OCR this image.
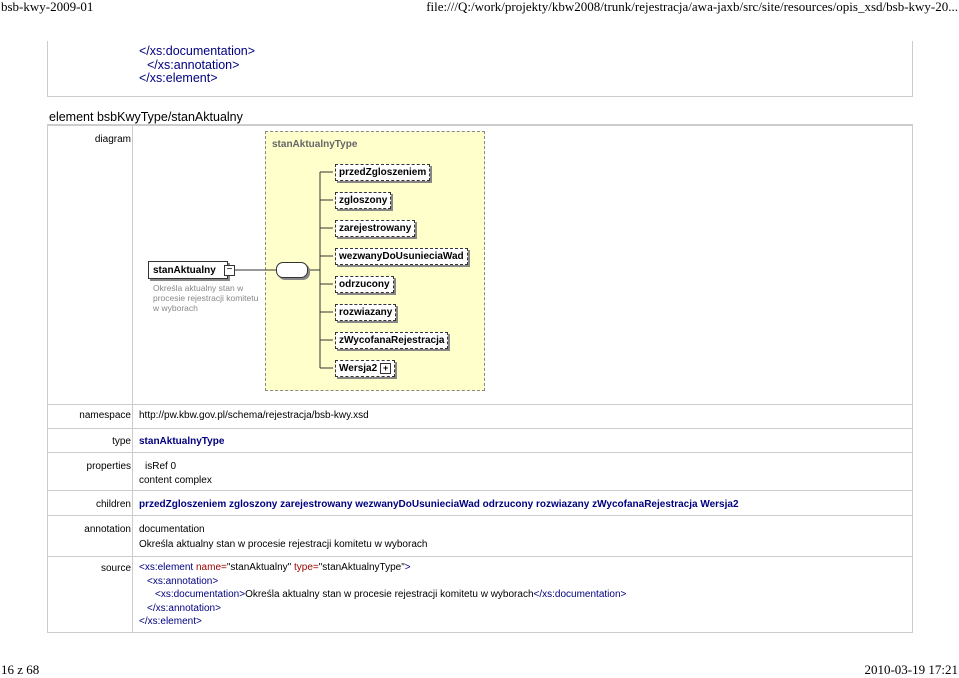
bsb-kwy-2009-01	file:///Q:/work/projekty/kbw2008/trunk/rejestracja/awa-jaxb/src/site/resources/opis_xsd/bsb-kwy-20...
</xs:documentation>
</xs:annotation>
</xs:element>
element bsbKwyType/stanAktualny
diagram
namespace http://pw.kbw.gov.pl/schema/rejestracja/bsb-kwy.xsd
type stanAktualnyType
properties isRef 0
content complex
children przedZgloszeniem zgloszony zarejestrowany wezwanyDoUsunieciaWad odrzucony rozwiazany zWycofanaRejestracja Wersja2
annotation documentation
Określa aktualny stan w procesie rejestracji komitetu w wyborach
source <xs:element name="stanAktualny" type="stanAktualnyType">
<xs:annotation>
<xs:documentation>Określa aktualny stan w procesie rejestracji komitetu w wyborach</xs:documentation>
</xs:annotation>
</xs:element>
stanAktualnyType
stanAktualny	−
Określa aktualny stan w procesie rejestracji komitetu w wyborach
przedZgloszeniem
zgloszony
zarejestrowany
wezwanyDoUsunieciaWad
odrzucony
rozwiazany
zWycofanaRejestracja
Wersja2 +
16 z 68	2010-03-19 17:21
